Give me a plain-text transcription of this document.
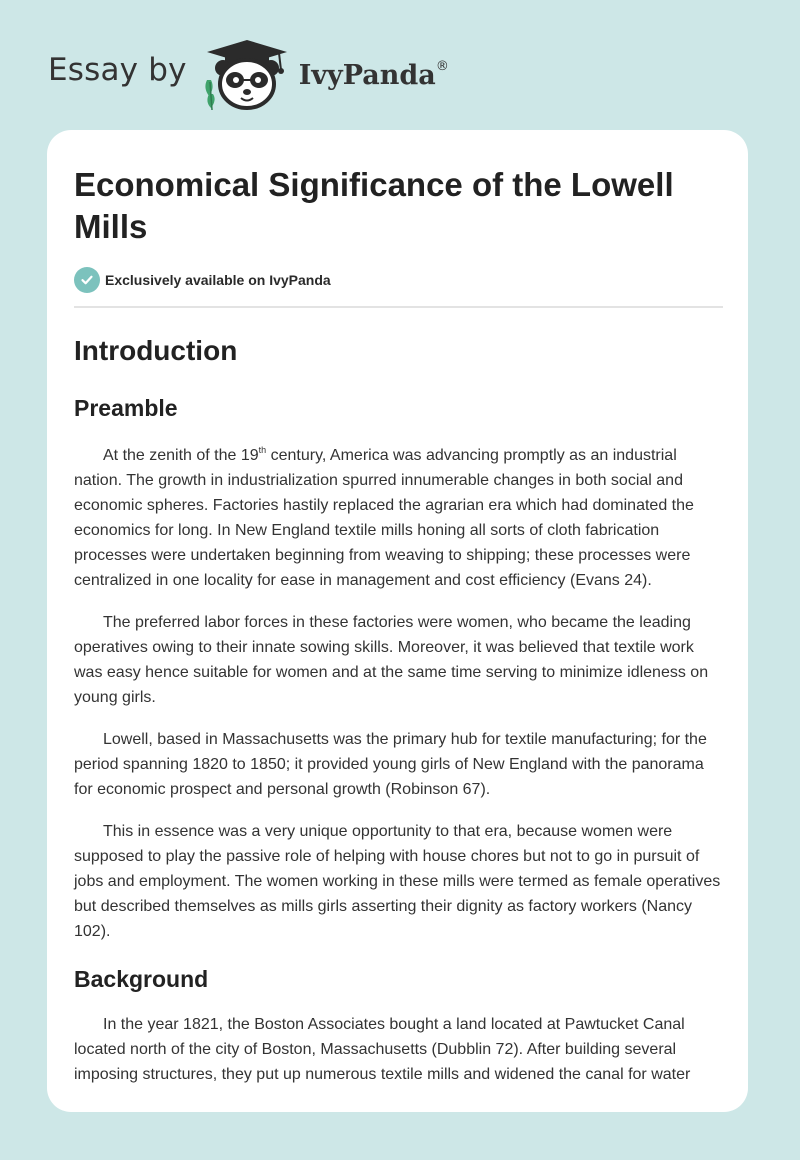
Essay by	IvyPanda®
Economical Significance of the Lowell Mills
Exclusively available on IvyPanda
Introduction
Preamble

At the zenith of the 19th century, America was advancing promptly as an industrial nation. The growth in industrialization spurred innumerable changes in both social and economic spheres. Factories hastily replaced the agrarian era which had dominated the economics for long. In New England textile mills honing all sorts of cloth fabrication processes were undertaken beginning from weaving to shipping; these processes were centralized in one locality for ease in management and cost efficiency (Evans 24).

The preferred labor forces in these factories were women, who became the leading operatives owing to their innate sowing skills. Moreover, it was believed that textile work was easy hence suitable for women and at the same time serving to minimize idleness on young girls.

Lowell, based in Massachusetts was the primary hub for textile manufacturing; for the period spanning 1820 to 1850; it provided young girls of New England with the panorama for economic prospect and personal growth (Robinson 67).

This in essence was a very unique opportunity to that era, because women were supposed to play the passive role of helping with house chores but not to go in pursuit of jobs and employment. The women working in these mills were termed as female operatives but described themselves as mills girls asserting their dignity as factory workers (Nancy 102).

Background

In the year 1821, the Boston Associates bought a land located at Pawtucket Canal located north of the city of Boston, Massachusetts (Dubblin 72). After building several imposing structures, they put up numerous textile mills and widened the canal for water
